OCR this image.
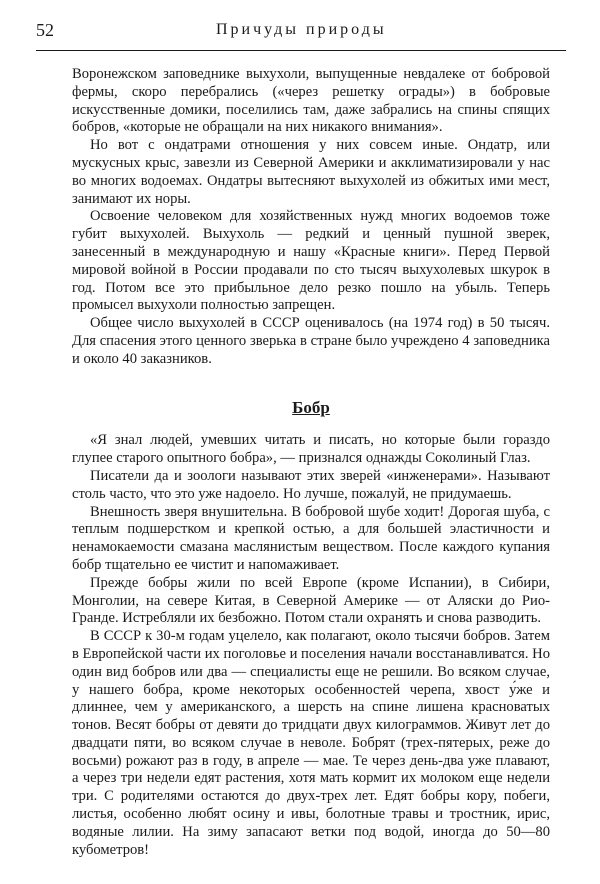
52	Причуды природы

Воронежском заповеднике выхухоли, выпущенные невдалеке от бобровой фермы, скоро перебрались («через решетку ограды») в бобровые искусственные домики, поселились там, даже забрались на спины спящих бобров, «которые не обращали на них никакого внимания».

Но вот с ондатрами отношения у них совсем иные. Ондатр, или мускусных крыс, завезли из Северной Америки и акклиматизировали у нас во многих водоемах. Ондатры вытесняют выхухолей из обжитых ими мест, занимают их норы.

Освоение человеком для хозяйственных нужд многих водоемов тоже губит выхухолей. Выхухоль — редкий и ценный пушной зверек, занесенный в международную и нашу «Красные книги». Перед Первой мировой войной в России продавали по сто тысяч выхухолевых шкурок в год. Потом все это прибыльное дело резко пошло на убыль. Теперь промысел выхухоли полностью запрещен.

Общее число выхухолей в СССР оценивалось (на 1974 год) в 50 тысяч. Для спасения этого ценного зверька в стране было учреждено 4 заповедника и около 40 заказников.

Бобр

«Я знал людей, умевших читать и писать, но которые были гораздо глупее старого опытного бобра», — признался однажды Соколиный Глаз.

Писатели да и зоологи называют этих зверей «инженерами». Называют столь часто, что это уже надоело. Но лучше, пожалуй, не придумаешь.

Внешность зверя внушительна. В бобровой шубе ходит! Дорогая шуба, с теплым подшерстком и крепкой остью, а для большей эластичности и ненамокаемости смазана маслянистым веществом. После каждого купания бобр тщательно ее чистит и напомаживает.

Прежде бобры жили по всей Европе (кроме Испании), в Сибири, Монголии, на севере Китая, в Северной Америке — от Аляски до Рио-Гранде. Истребляли их безбожно. Потом стали охранять и снова разводить.

В СССР к 30-м годам уцелело, как полагают, около тысячи бобров. Затем в Европейской части их поголовье и поселения начали восстанавливатся. Но один вид бобров или два — специалисты еще не решили. Во всяком случае, у нашего бобра, кроме некоторых особенностей черепа, хвост у́же и длиннее, чем у американского, а шерсть на спине лишена красноватых тонов. Весят бобры от девяти до тридцати двух килограммов. Живут лет до двадцати пяти, во всяком случае в неволе. Бобрят (трех-пятерых, реже до восьми) рожают раз в году, в апреле — мае. Те через день-два уже плавают, а через три недели едят растения, хотя мать кормит их молоком еще недели три. С родителями остаются до двух-трех лет. Едят бобры кору, побеги, листья, особенно любят осину и ивы, болотные травы и тростник, ирис, водяные лилии. На зиму запасают ветки под водой, иногда до 50—80 кубометров!
